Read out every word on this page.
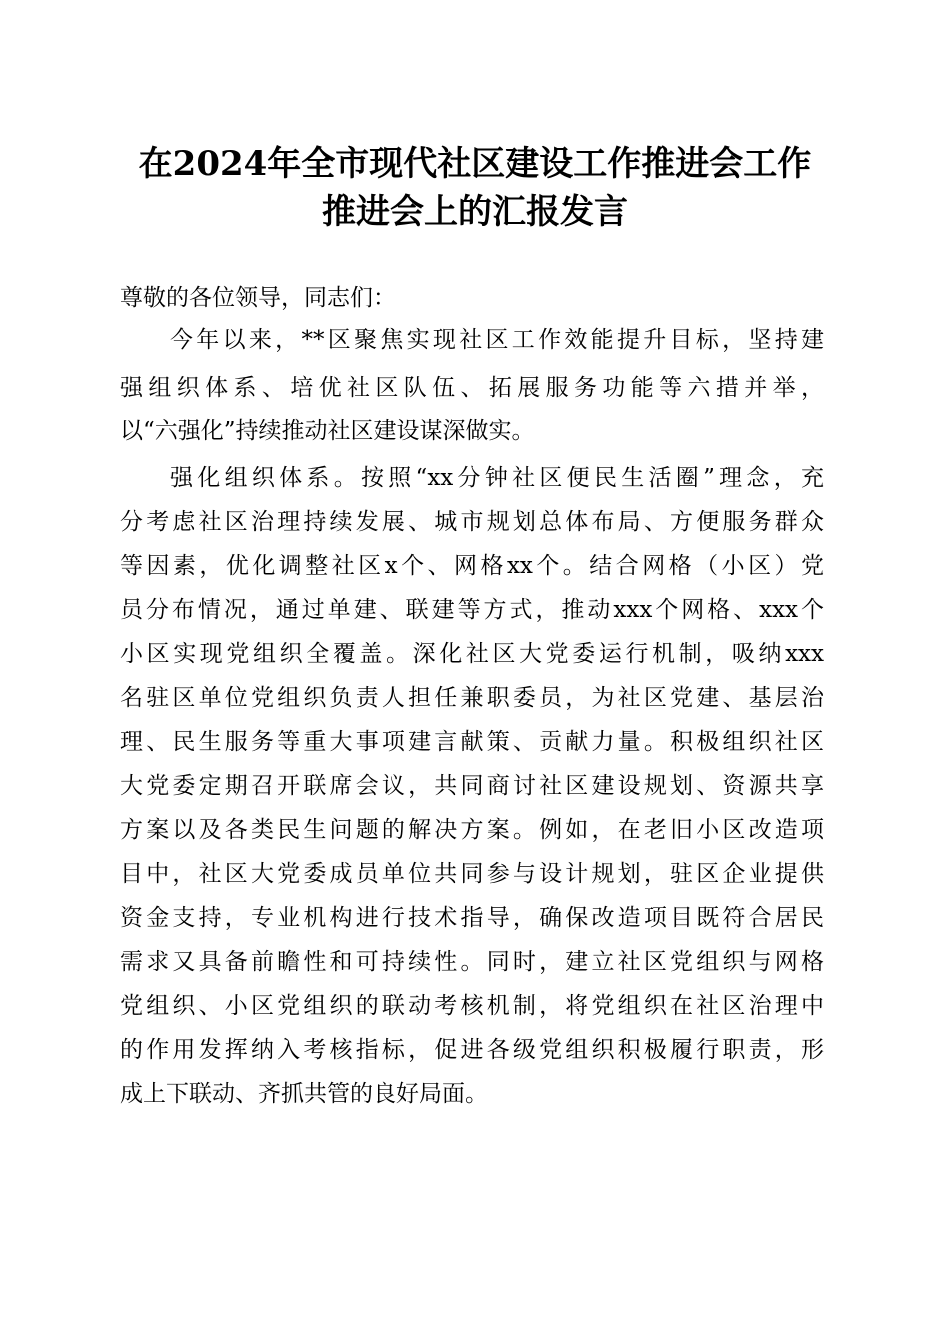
在2024年全市现代社区建设工作推进会工作
推进会上的汇报发言

尊敬的各位领导，同志们：

今年以来，**区聚焦实现社区工作效能提升目标，坚持建

强组织体系、培优社区队伍、拓展服务功能等六措并举，

以“六强化”持续推动社区建设谋深做实。

强化组织体系。按照“xx分钟社区便民生活圈”理念，充

分考虑社区治理持续发展、城市规划总体布局、方便服务群众

等因素，优化调整社区x个、网格xx个。结合网格（小区）党

员分布情况，通过单建、联建等方式，推动xxx个网格、xxx个

小区实现党组织全覆盖。深化社区大党委运行机制，吸纳xxx

名驻区单位党组织负责人担任兼职委员，为社区党建、基层治

理、民生服务等重大事项建言献策、贡献力量。积极组织社区

大党委定期召开联席会议，共同商讨社区建设规划、资源共享

方案以及各类民生问题的解决方案。例如，在老旧小区改造项

目中，社区大党委成员单位共同参与设计规划，驻区企业提供

资金支持，专业机构进行技术指导，确保改造项目既符合居民

需求又具备前瞻性和可持续性。同时，建立社区党组织与网格

党组织、小区党组织的联动考核机制，将党组织在社区治理中

的作用发挥纳入考核指标，促进各级党组织积极履行职责，形

成上下联动、齐抓共管的良好局面。
